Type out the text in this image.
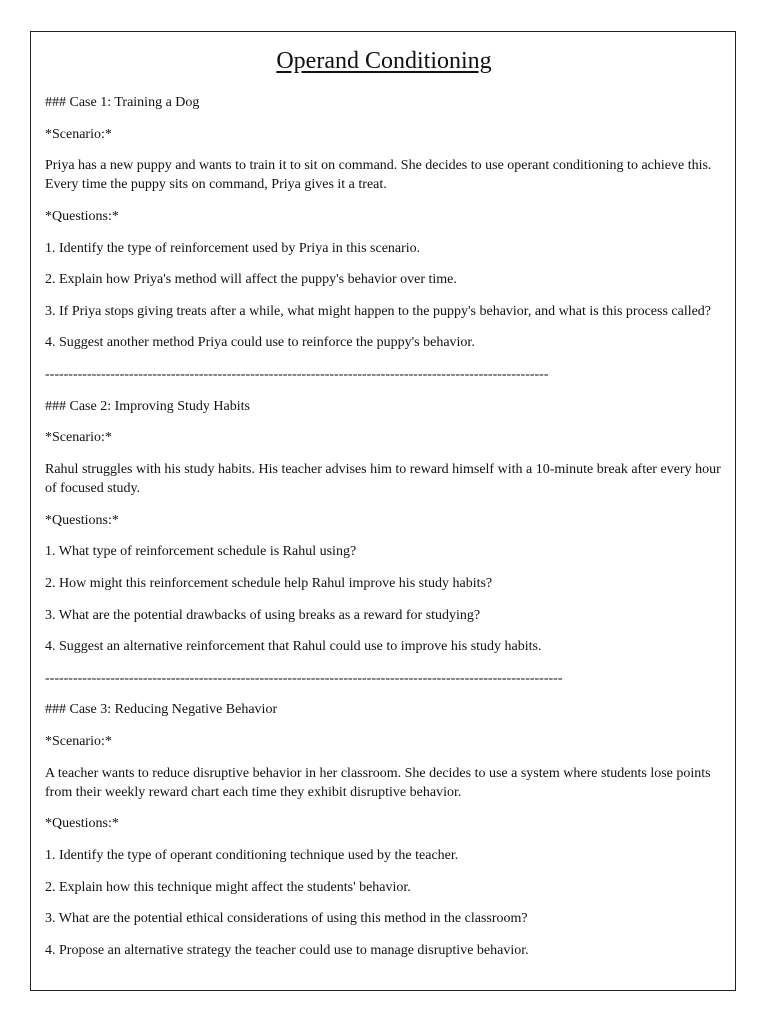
Operand Conditioning

### Case 1: Training a Dog

*Scenario:*

Priya has a new puppy and wants to train it to sit on command. She decides to use operant conditioning to achieve this. Every time the puppy sits on command, Priya gives it a treat.

*Questions:*

1. Identify the type of reinforcement used by Priya in this scenario.

2. Explain how Priya's method will affect the puppy's behavior over time.

3. If Priya stops giving treats after a while, what might happen to the puppy's behavior, and what is this process called?

4. Suggest another method Priya could use to reinforce the puppy's behavior.

------------------------------------------------------------------------------------------------------------

### Case 2: Improving Study Habits

*Scenario:*

Rahul struggles with his study habits. His teacher advises him to reward himself with a 10-minute break after every hour of focused study.

*Questions:*

1. What type of reinforcement schedule is Rahul using?

2. How might this reinforcement schedule help Rahul improve his study habits?

3. What are the potential drawbacks of using breaks as a reward for studying?

4. Suggest an alternative reinforcement that Rahul could use to improve his study habits.

---------------------------------------------------------------------------------------------------------------

### Case 3: Reducing Negative Behavior

*Scenario:*

A teacher wants to reduce disruptive behavior in her classroom. She decides to use a system where students lose points from their weekly reward chart each time they exhibit disruptive behavior.

*Questions:*

1. Identify the type of operant conditioning technique used by the teacher.

2. Explain how this technique might affect the students' behavior.

3. What are the potential ethical considerations of using this method in the classroom?

4. Propose an alternative strategy the teacher could use to manage disruptive behavior.
